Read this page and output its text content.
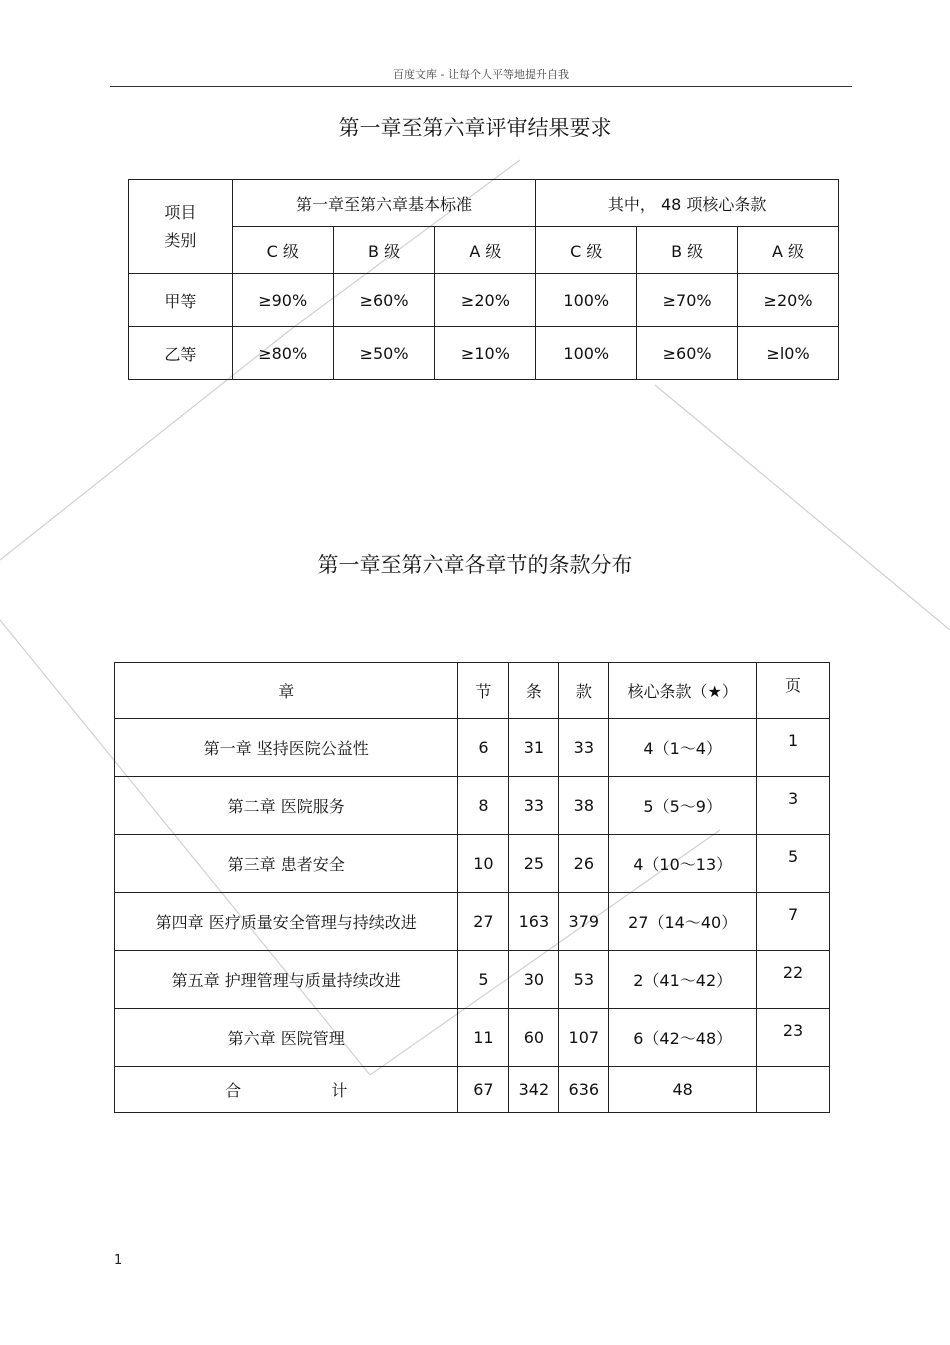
百度文库 - 让每个人平等地提升自我
第一章至第六章评审结果要求
项目
类别	第一章至第六章基本标准			其中， 48 项核心条款		
	C 级	B 级	A 级	C 级	B 级	A 级
甲等	≥90%	≥60%	≥20%	100%	≥70%	≥20%
乙等	≥80%	≥50%	≥10%	100%	≥60%	≥l0%
第一章至第六章各章节的条款分布
章	节	条	款	核心条款（★）	页
第一章 坚持医院公益性	6	31	33	4（1～4）	1
第二章 医院服务	8	33	38	5（5～9）	3
第三章 患者安全	10	25	26	4（10～13）	5
第四章 医疗质量安全管理与持续改进	27	163	379	27（14～40）	7
第五章 护理管理与质量持续改进	5	30	53	2（41～42）	22
第六章 医院管理	11	60	107	6（42～48）	23
合 计	67	342	636	48	
1
